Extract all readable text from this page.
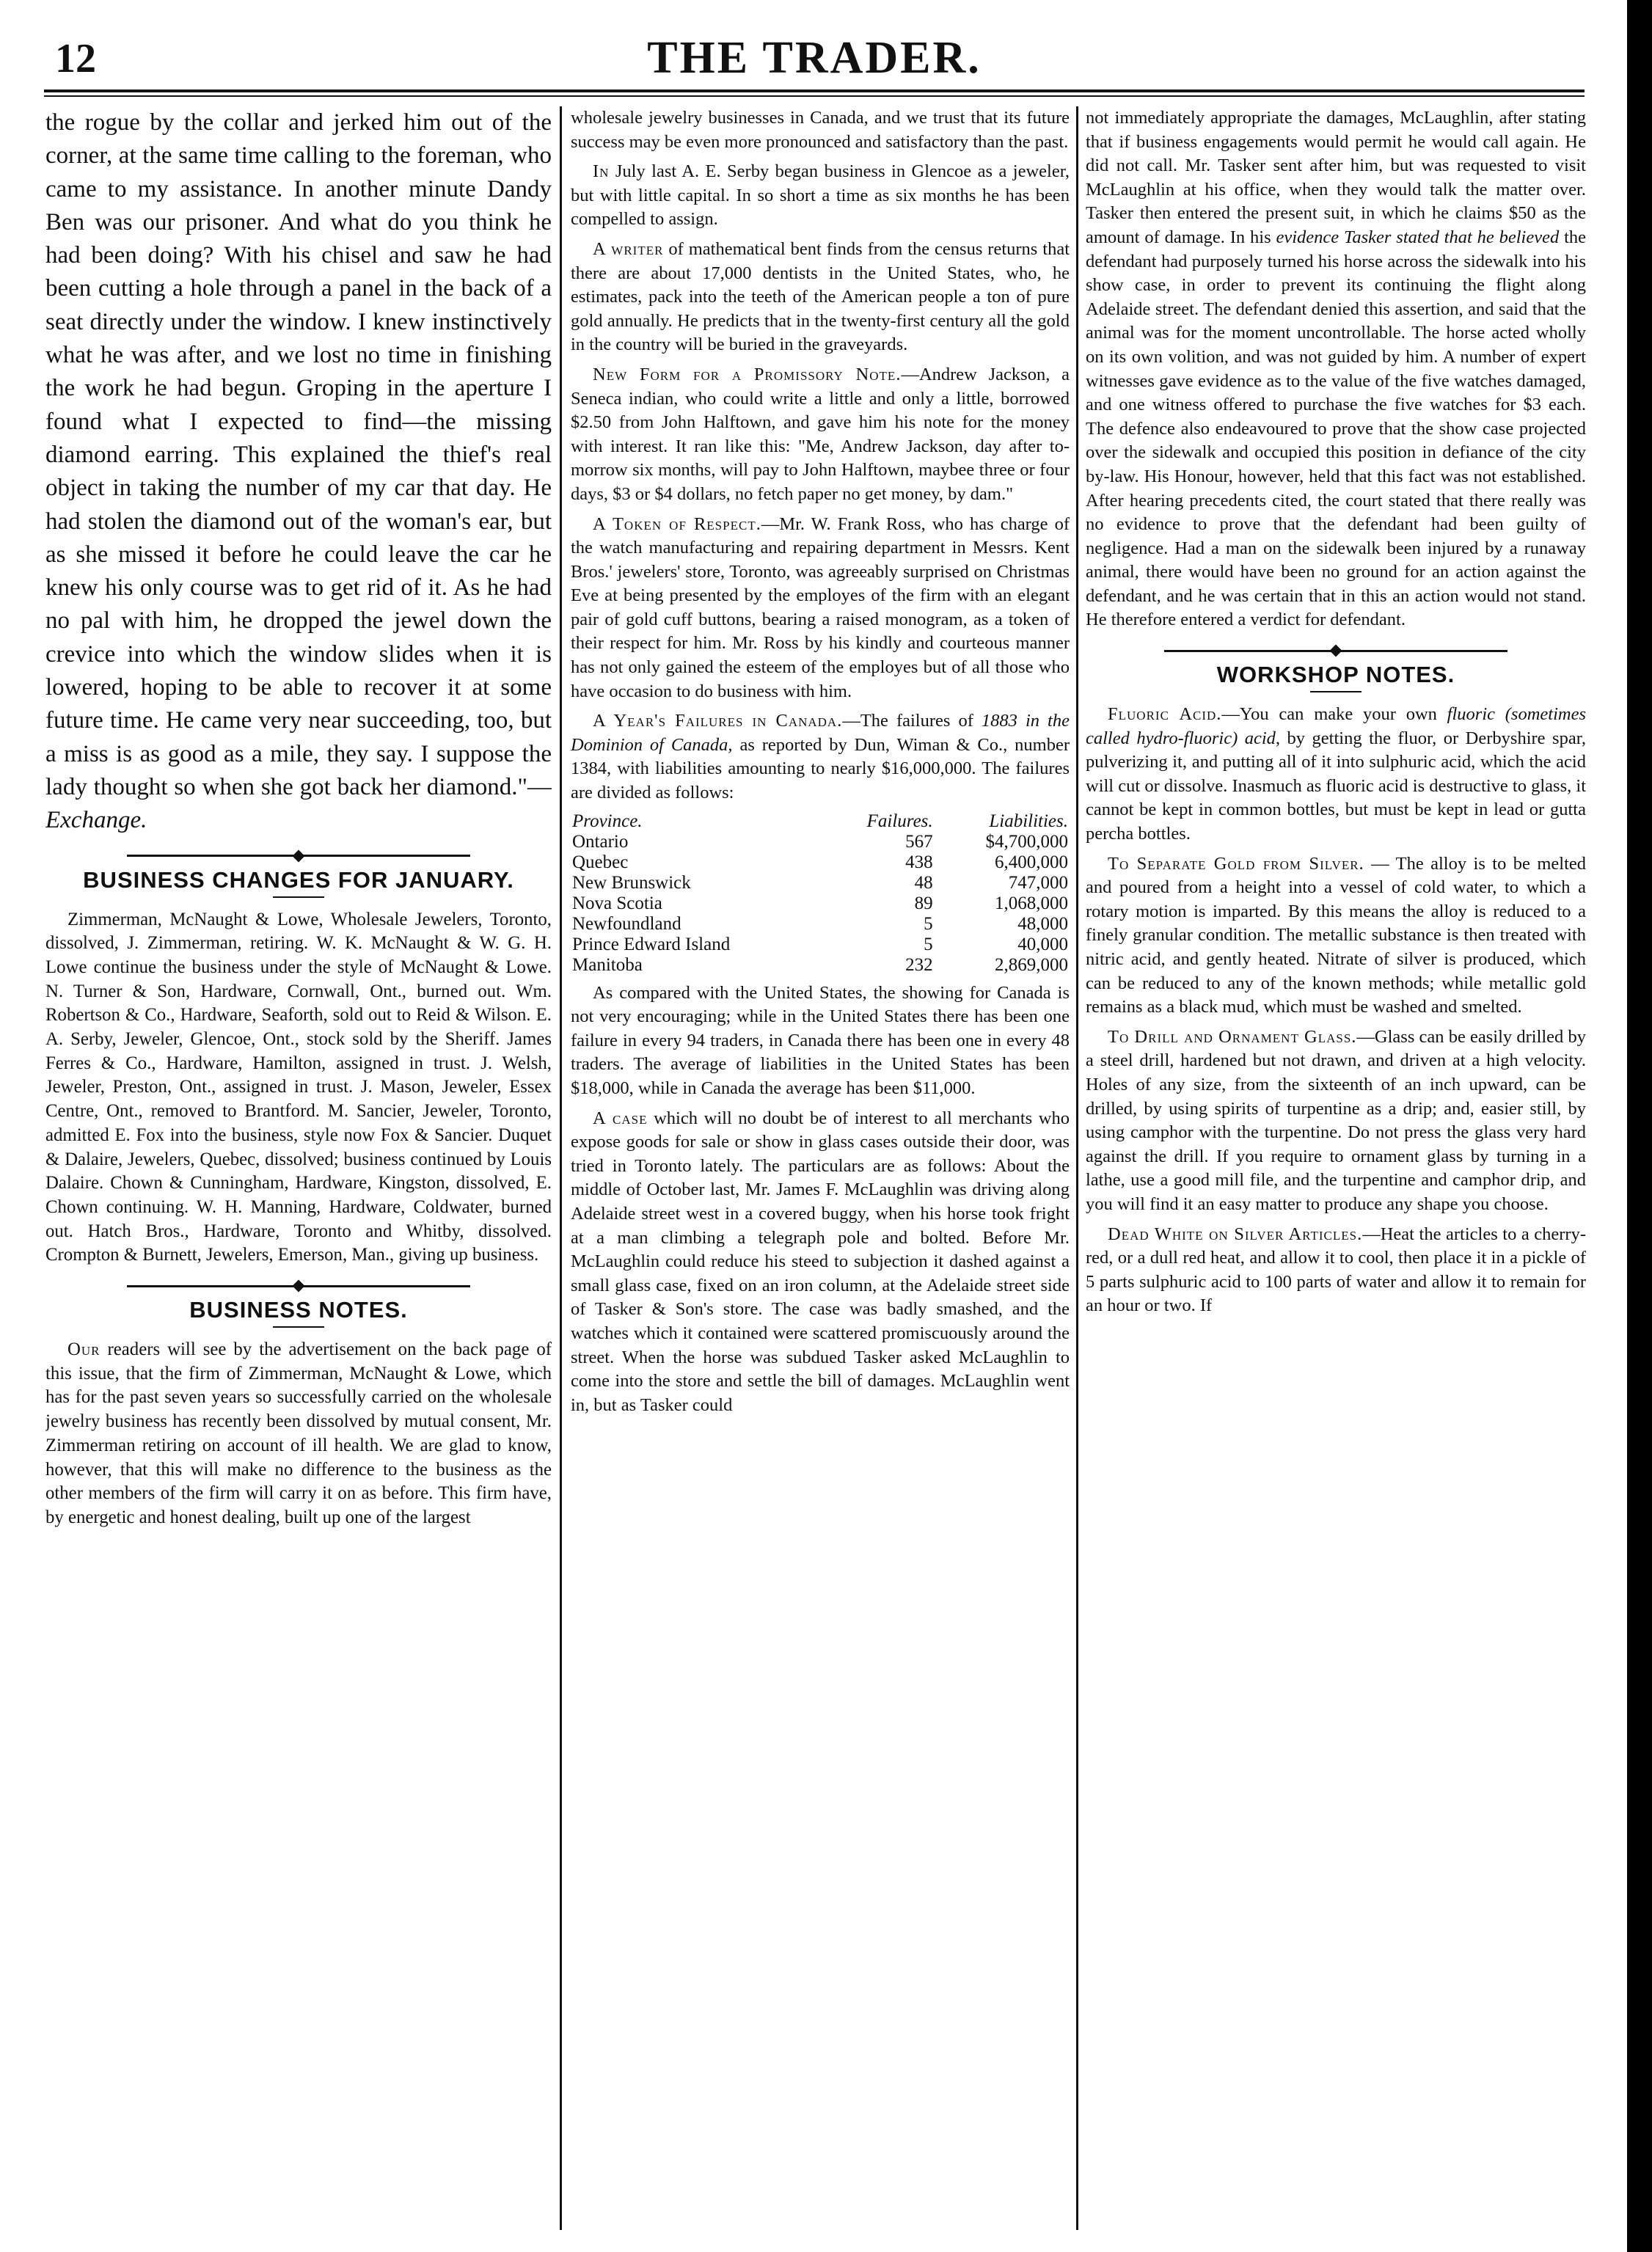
12	THE TRADER.

the rogue by the collar and jerked him out of the corner, at the same time calling to the foreman, who came to my assistance. In another minute Dandy Ben was our prisoner. And what do you think he had been doing? With his chisel and saw he had been cutting a hole through a panel in the back of a seat directly under the window. I knew instinctively what he was after, and we lost no time in finishing the work he had begun. Groping in the aperture I found what I expected to find—the missing diamond earring. This explained the thief's real object in taking the number of my car that day. He had stolen the diamond out of the woman's ear, but as she missed it before he could leave the car he knew his only course was to get rid of it. As he had no pal with him, he dropped the jewel down the crevice into which the window slides when it is lowered, hoping to be able to recover it at some future time. He came very near succeeding, too, but a miss is as good as a mile, they say. I suppose the lady thought so when she got back her diamond."—Exchange.

BUSINESS CHANGES FOR JANUARY.

Zimmerman, McNaught & Lowe, Wholesale Jewelers, Toronto, dissolved, J. Zimmerman, retiring. W. K. McNaught & W. G. H. Lowe continue the business under the style of McNaught & Lowe. N. Turner & Son, Hardware, Cornwall, Ont., burned out. Wm. Robertson & Co., Hardware, Seaforth, sold out to Reid & Wilson. E. A. Serby, Jeweler, Glencoe, Ont., stock sold by the Sheriff. James Ferres & Co., Hardware, Hamilton, assigned in trust. J. Welsh, Jeweler, Preston, Ont., assigned in trust. J. Mason, Jeweler, Essex Centre, Ont., removed to Brantford. M. Sancier, Jeweler, Toronto, admitted E. Fox into the business, style now Fox & Sancier. Duquet & Dalaire, Jewelers, Quebec, dissolved; business continued by Louis Dalaire. Chown & Cunningham, Hardware, Kingston, dissolved, E. Chown continuing. W. H. Manning, Hardware, Coldwater, burned out. Hatch Bros., Hardware, Toronto and Whitby, dissolved. Crompton & Burnett, Jewelers, Emerson, Man., giving up business.

BUSINESS NOTES.

Our readers will see by the advertisement on the back page of this issue, that the firm of Zimmerman, McNaught & Lowe, which has for the past seven years so successfully carried on the wholesale jewelry business has recently been dissolved by mutual consent, Mr. Zimmerman retiring on account of ill health. We are glad to know, however, that this will make no difference to the business as the other members of the firm will carry it on as before. This firm have, by energetic and honest dealing, built up one of the largest

wholesale jewelry businesses in Canada, and we trust that its future success may be even more pronounced and satisfactory than the past.

In July last A. E. Serby began business in Glencoe as a jeweler, but with little capital. In so short a time as six months he has been compelled to assign.

A writer of mathematical bent finds from the census returns that there are about 17,000 dentists in the United States, who, he estimates, pack into the teeth of the American people a ton of pure gold annually. He predicts that in the twenty-first century all the gold in the country will be buried in the graveyards.

New Form for a Promissory Note.—Andrew Jackson, a Seneca indian, who could write a little and only a little, borrowed $2.50 from John Halftown, and gave him his note for the money with interest. It ran like this: "Me, Andrew Jackson, day after to-morrow six months, will pay to John Halftown, maybee three or four days, $3 or $4 dollars, no fetch paper no get money, by dam."

A Token of Respect.—Mr. W. Frank Ross, who has charge of the watch manufacturing and repairing department in Messrs. Kent Bros.' jewelers' store, Toronto, was agreeably surprised on Christmas Eve at being presented by the employes of the firm with an elegant pair of gold cuff buttons, bearing a raised monogram, as a token of their respect for him. Mr. Ross by his kindly and courteous manner has not only gained the esteem of the employes but of all those who have occasion to do business with him.

A Year's Failures in Canada.—The failures of 1883 in the Dominion of Canada, as reported by Dun, Wiman & Co., number 1384, with liabilities amounting to nearly $16,000,000. The failures are divided as follows:

Province.	Failures.	Liabilities.
Ontario	567	$4,700,000
Quebec	438	6,400,000
New Brunswick	48	747,000
Nova Scotia	89	1,068,000
Newfoundland	5	48,000
Prince Edward Island	5	40,000
Manitoba	232	2,869,000

As compared with the United States, the showing for Canada is not very encouraging; while in the United States there has been one failure in every 94 traders, in Canada there has been one in every 48 traders. The average of liabilities in the United States has been $18,000, while in Canada the average has been $11,000.

A case which will no doubt be of interest to all merchants who expose goods for sale or show in glass cases outside their door, was tried in Toronto lately. The particulars are as follows: About the middle of October last, Mr. James F. McLaughlin was driving along Adelaide street west in a covered buggy, when his horse took fright at a man climbing a telegraph pole and bolted. Before Mr. McLaughlin could reduce his steed to subjection it dashed against a small glass case, fixed on an iron column, at the Adelaide street side of Tasker & Son's store. The case was badly smashed, and the watches which it contained were scattered promiscuously around the street. When the horse was subdued Tasker asked McLaughlin to come into the store and settle the bill of damages. McLaughlin went in, but as Tasker could

not immediately appropriate the damages, McLaughlin, after stating that if business engagements would permit he would call again. He did not call. Mr. Tasker sent after him, but was requested to visit McLaughlin at his office, when they would talk the matter over. Tasker then entered the present suit, in which he claims $50 as the amount of damage. In his evidence Tasker stated that he believed the defendant had purposely turned his horse across the sidewalk into his show case, in order to prevent its continuing the flight along Adelaide street. The defendant denied this assertion, and said that the animal was for the moment uncontrollable. The horse acted wholly on its own volition, and was not guided by him. A number of expert witnesses gave evidence as to the value of the five watches damaged, and one witness offered to purchase the five watches for $3 each. The defence also endeavoured to prove that the show case projected over the sidewalk and occupied this position in defiance of the city by-law. His Honour, however, held that this fact was not established. After hearing precedents cited, the court stated that there really was no evidence to prove that the defendant had been guilty of negligence. Had a man on the sidewalk been injured by a runaway animal, there would have been no ground for an action against the defendant, and he was certain that in this an action would not stand. He therefore entered a verdict for defendant.

WORKSHOP NOTES.

Fluoric Acid.—You can make your own fluoric (sometimes called hydro-fluoric) acid, by getting the fluor, or Derbyshire spar, pulverizing it, and putting all of it into sulphuric acid, which the acid will cut or dissolve. Inasmuch as fluoric acid is destructive to glass, it cannot be kept in common bottles, but must be kept in lead or gutta percha bottles.

To Separate Gold from Silver. — The alloy is to be melted and poured from a height into a vessel of cold water, to which a rotary motion is imparted. By this means the alloy is reduced to a finely granular condition. The metallic substance is then treated with nitric acid, and gently heated. Nitrate of silver is produced, which can be reduced to any of the known methods; while metallic gold remains as a black mud, which must be washed and smelted.

To Drill and Ornament Glass.—Glass can be easily drilled by a steel drill, hardened but not drawn, and driven at a high velocity. Holes of any size, from the sixteenth of an inch upward, can be drilled, by using spirits of turpentine as a drip; and, easier still, by using camphor with the turpentine. Do not press the glass very hard against the drill. If you require to ornament glass by turning in a lathe, use a good mill file, and the turpentine and camphor drip, and you will find it an easy matter to produce any shape you choose.

Dead White on Silver Articles.—Heat the articles to a cherry-red, or a dull red heat, and allow it to cool, then place it in a pickle of 5 parts sulphuric acid to 100 parts of water and allow it to remain for an hour or two. If
